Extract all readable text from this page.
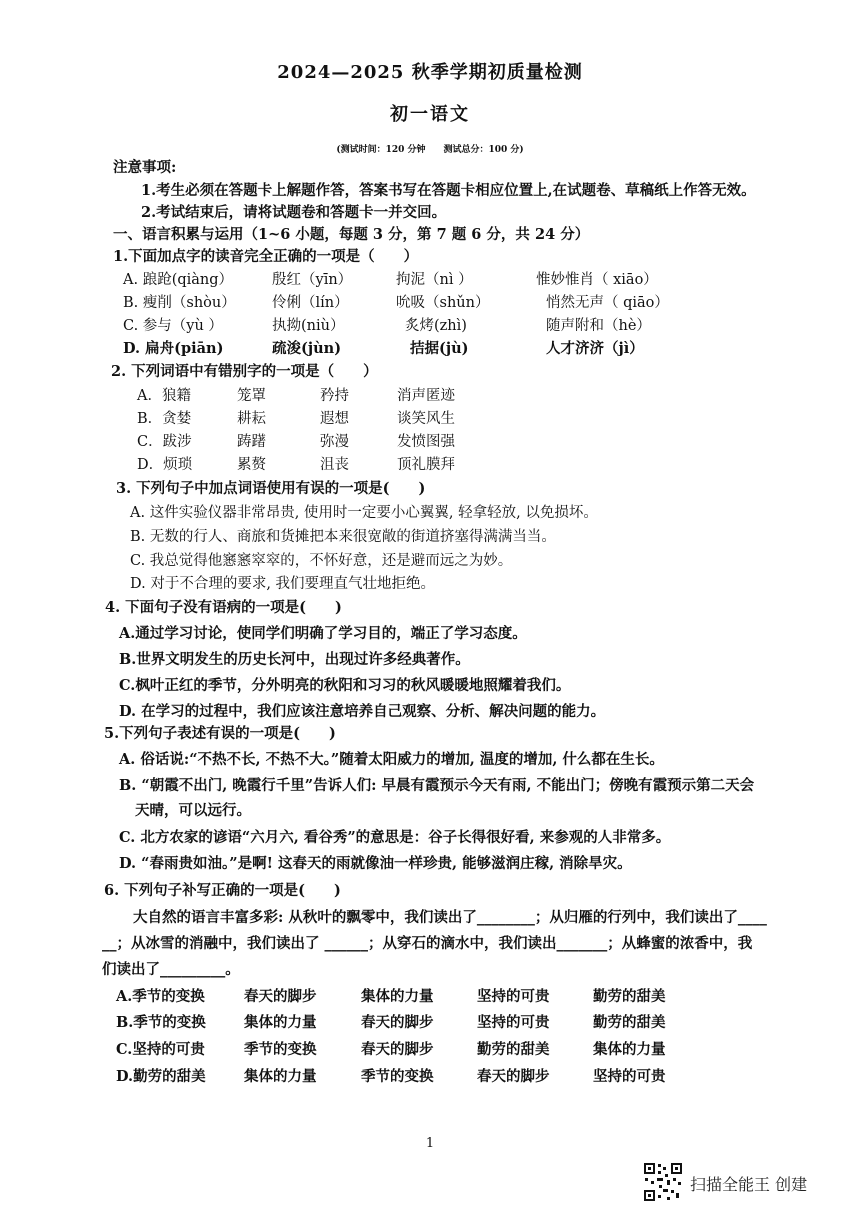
2024—2025 秋季学期初质量检测
初一语文
(测试时间：120 分钟　　测试总分：100 分)
注意事项:
1.考生必须在答题卡上解题作答，答案书写在答题卡相应位置上,在试题卷、草稿纸上作答无效。
2.考试结束后，请将试题卷和答题卡一并交回。
一、语言积累与运用（1~6 小题，每题 3 分，第 7 题 6 分，共 24 分）
1.下面加点字的读音完全正确的一项是（　　）
A. 踉跄(qiàng）	殷红（yīn）	拘泥（nì ）	惟妙惟肖（ xiāo）
B. 瘦削（shòu）	伶俐（lín）	吮吸（shǔn）	悄然无声（ qiāo）
C. 参与（yù ）	执拗(niù）	炙烤(zhì)	随声附和（hè）
D. 扁舟(piān)	疏浚(jùn)	拮据(jù)	人才济济（jì）
2. 下列词语中有错别字的一项是（　　）
A．狼籍	笼罩	矜持	消声匿迹
B．贪婪	耕耘	遐想	谈笑风生
C．跋涉	踌躇	弥漫	发愤图强
D．烦琐	累赘	沮丧	顶礼膜拜
3. 下列句子中加点词语使用有误的一项是(　　)
A. 这件实验仪器非常昂贵, 使用时一定要小心翼翼, 轻拿轻放, 以免损坏。
B. 无数的行人、商旅和货摊把本来很宽敞的街道挤塞得满满当当。
C. 我总觉得他窸窸窣窣的，不怀好意，还是避而远之为妙。
D. 对于不合理的要求, 我们要理直气壮地拒绝。
4. 下面句子没有语病的一项是(　　)
A.通过学习讨论，使同学们明确了学习目的，端正了学习态度。
B.世界文明发生的历史长河中，出现过许多经典著作。
C.枫叶正红的季节，分外明亮的秋阳和习习的秋风暖暖地照耀着我们。
D. 在学习的过程中，我们应该注意培养自己观察、分析、解决问题的能力。
5.下列句子表述有误的一项是(　　)
A. 俗话说:“不热不长, 不热不大。”随着太阳威力的增加, 温度的增加, 什么都在生长。
B. “朝霞不出门, 晚霞行千里”告诉人们: 早晨有霞预示今天有雨, 不能出门；傍晚有霞预示第二天会
天晴，可以远行。
C. 北方农家的谚语“六月六, 看谷秀”的意思是：谷子长得很好看, 来参观的人非常多。
D. “春雨贵如油。”是啊! 这春天的雨就像油一样珍贵, 能够滋润庄稼, 消除旱灾。
6. 下列句子补写正确的一项是(　　)
大自然的语言丰富多彩: 从秋叶的飘零中，我们读出了________；从归雁的行列中，我们读出了____
__；从冰雪的消融中，我们读出了 ______；从穿石的滴水中，我们读出_______；从蜂蜜的浓香中，我
们读出了_________。
A.季节的变换	春天的脚步	集体的力量	坚持的可贵	勤劳的甜美
B.季节的变换	集体的力量	春天的脚步	坚持的可贵	勤劳的甜美
C.坚持的可贵	季节的变换	春天的脚步	勤劳的甜美	集体的力量
D.勤劳的甜美	集体的力量	季节的变换	春天的脚步	坚持的可贵
1
扫描全能王 创建
